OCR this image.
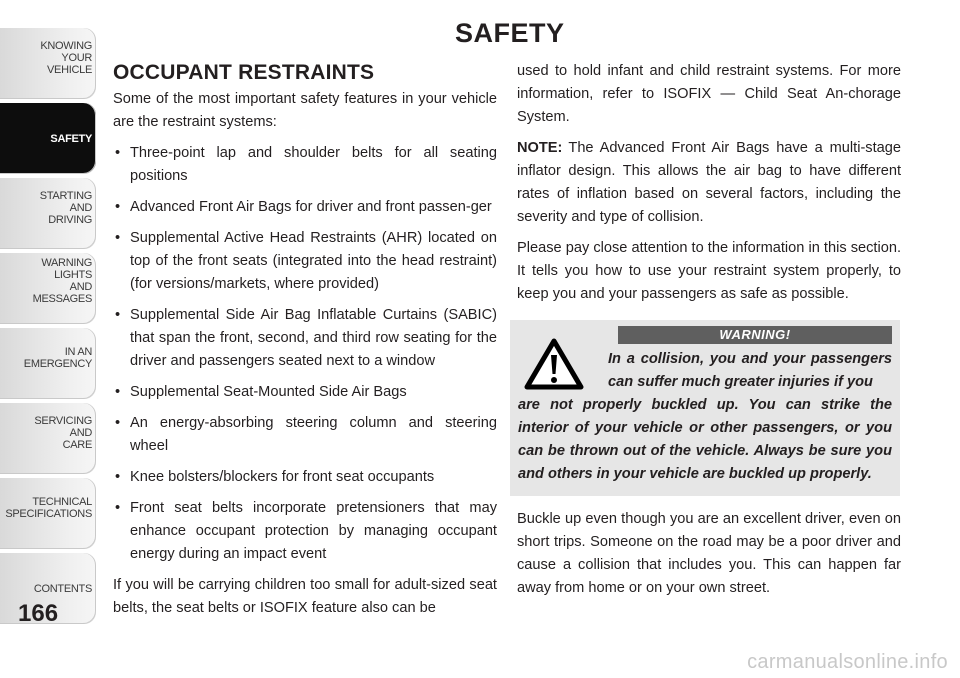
KNOWING
YOUR
VEHICLE
SAFETY
STARTING
AND
DRIVING
WARNING
LIGHTS
AND
MESSAGES
IN AN
EMERGENCY
SERVICING
AND
CARE
TECHNICAL
SPECIFICATIONS
CONTENTS
166
SAFETY
OCCUPANT RESTRAINTS

Some of the most important safety features in your vehicle are the restraint systems:

• Three-point lap and shoulder belts for all seating positions
• Advanced Front Air Bags for driver and front passen-ger
• Supplemental Active Head Restraints (AHR) located on top of the front seats (integrated into the head restraint) (for versions/markets, where provided)
• Supplemental Side Air Bag Inflatable Curtains (SABIC) that span the front, second, and third row seating for the driver and passengers seated next to a window
• Supplemental Seat-Mounted Side Air Bags
• An energy-absorbing steering column and steering wheel
• Knee bolsters/blockers for front seat occupants
• Front seat belts incorporate pretensioners that may enhance occupant protection by managing occupant energy during an impact event

If you will be carrying children too small for adult-sized seat belts, the seat belts or ISOFIX feature also can be

used to hold infant and child restraint systems. For more information, refer to ISOFIX — Child Seat An-chorage System.

NOTE: The Advanced Front Air Bags have a multi-stage inflator design. This allows the air bag to have different rates of inflation based on several factors, including the severity and type of collision.

Please pay close attention to the information in this section. It tells you how to use your restraint system properly, to keep you and your passengers as safe as possible.

WARNING!
In a collision, you and your passengers can suffer much greater injuries if you
are not properly buckled up. You can strike the interior of your vehicle or other passengers, or you can be thrown out of the vehicle. Always be sure you and others in your vehicle are buckled up properly.

Buckle up even though you are an excellent driver, even on short trips. Someone on the road may be a poor driver and cause a collision that includes you. This can happen far away from home or on your own street.

carmanualsonline.info
